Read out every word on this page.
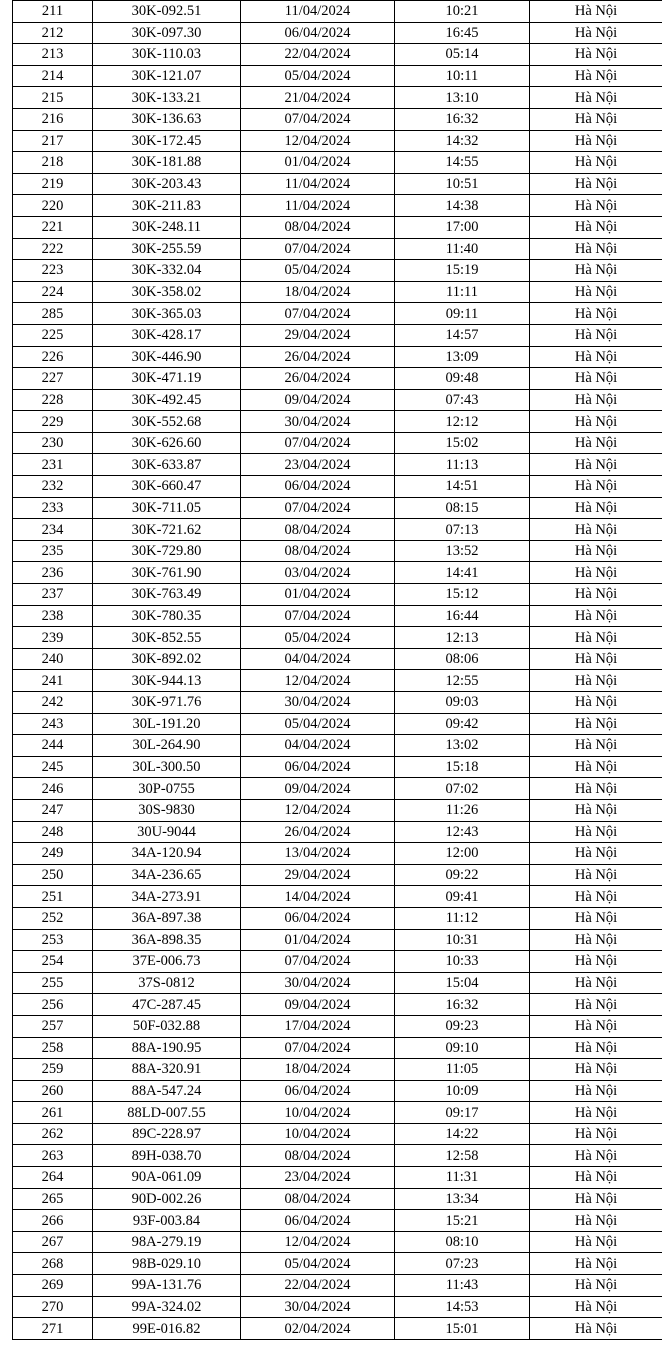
211	30K-092.51	11/04/2024	10:21	Hà Nội
212	30K-097.30	06/04/2024	16:45	Hà Nội
213	30K-110.03	22/04/2024	05:14	Hà Nội
214	30K-121.07	05/04/2024	10:11	Hà Nội
215	30K-133.21	21/04/2024	13:10	Hà Nội
216	30K-136.63	07/04/2024	16:32	Hà Nội
217	30K-172.45	12/04/2024	14:32	Hà Nội
218	30K-181.88	01/04/2024	14:55	Hà Nội
219	30K-203.43	11/04/2024	10:51	Hà Nội
220	30K-211.83	11/04/2024	14:38	Hà Nội
221	30K-248.11	08/04/2024	17:00	Hà Nội
222	30K-255.59	07/04/2024	11:40	Hà Nội
223	30K-332.04	05/04/2024	15:19	Hà Nội
224	30K-358.02	18/04/2024	11:11	Hà Nội
285	30K-365.03	07/04/2024	09:11	Hà Nội
225	30K-428.17	29/04/2024	14:57	Hà Nội
226	30K-446.90	26/04/2024	13:09	Hà Nội
227	30K-471.19	26/04/2024	09:48	Hà Nội
228	30K-492.45	09/04/2024	07:43	Hà Nội
229	30K-552.68	30/04/2024	12:12	Hà Nội
230	30K-626.60	07/04/2024	15:02	Hà Nội
231	30K-633.87	23/04/2024	11:13	Hà Nội
232	30K-660.47	06/04/2024	14:51	Hà Nội
233	30K-711.05	07/04/2024	08:15	Hà Nội
234	30K-721.62	08/04/2024	07:13	Hà Nội
235	30K-729.80	08/04/2024	13:52	Hà Nội
236	30K-761.90	03/04/2024	14:41	Hà Nội
237	30K-763.49	01/04/2024	15:12	Hà Nội
238	30K-780.35	07/04/2024	16:44	Hà Nội
239	30K-852.55	05/04/2024	12:13	Hà Nội
240	30K-892.02	04/04/2024	08:06	Hà Nội
241	30K-944.13	12/04/2024	12:55	Hà Nội
242	30K-971.76	30/04/2024	09:03	Hà Nội
243	30L-191.20	05/04/2024	09:42	Hà Nội
244	30L-264.90	04/04/2024	13:02	Hà Nội
245	30L-300.50	06/04/2024	15:18	Hà Nội
246	30P-0755	09/04/2024	07:02	Hà Nội
247	30S-9830	12/04/2024	11:26	Hà Nội
248	30U-9044	26/04/2024	12:43	Hà Nội
249	34A-120.94	13/04/2024	12:00	Hà Nội
250	34A-236.65	29/04/2024	09:22	Hà Nội
251	34A-273.91	14/04/2024	09:41	Hà Nội
252	36A-897.38	06/04/2024	11:12	Hà Nội
253	36A-898.35	01/04/2024	10:31	Hà Nội
254	37E-006.73	07/04/2024	10:33	Hà Nội
255	37S-0812	30/04/2024	15:04	Hà Nội
256	47C-287.45	09/04/2024	16:32	Hà Nội
257	50F-032.88	17/04/2024	09:23	Hà Nội
258	88A-190.95	07/04/2024	09:10	Hà Nội
259	88A-320.91	18/04/2024	11:05	Hà Nội
260	88A-547.24	06/04/2024	10:09	Hà Nội
261	88LD-007.55	10/04/2024	09:17	Hà Nội
262	89C-228.97	10/04/2024	14:22	Hà Nội
263	89H-038.70	08/04/2024	12:58	Hà Nội
264	90A-061.09	23/04/2024	11:31	Hà Nội
265	90D-002.26	08/04/2024	13:34	Hà Nội
266	93F-003.84	06/04/2024	15:21	Hà Nội
267	98A-279.19	12/04/2024	08:10	Hà Nội
268	98B-029.10	05/04/2024	07:23	Hà Nội
269	99A-131.76	22/04/2024	11:43	Hà Nội
270	99A-324.02	30/04/2024	14:53	Hà Nội
271	99E-016.82	02/04/2024	15:01	Hà Nội
